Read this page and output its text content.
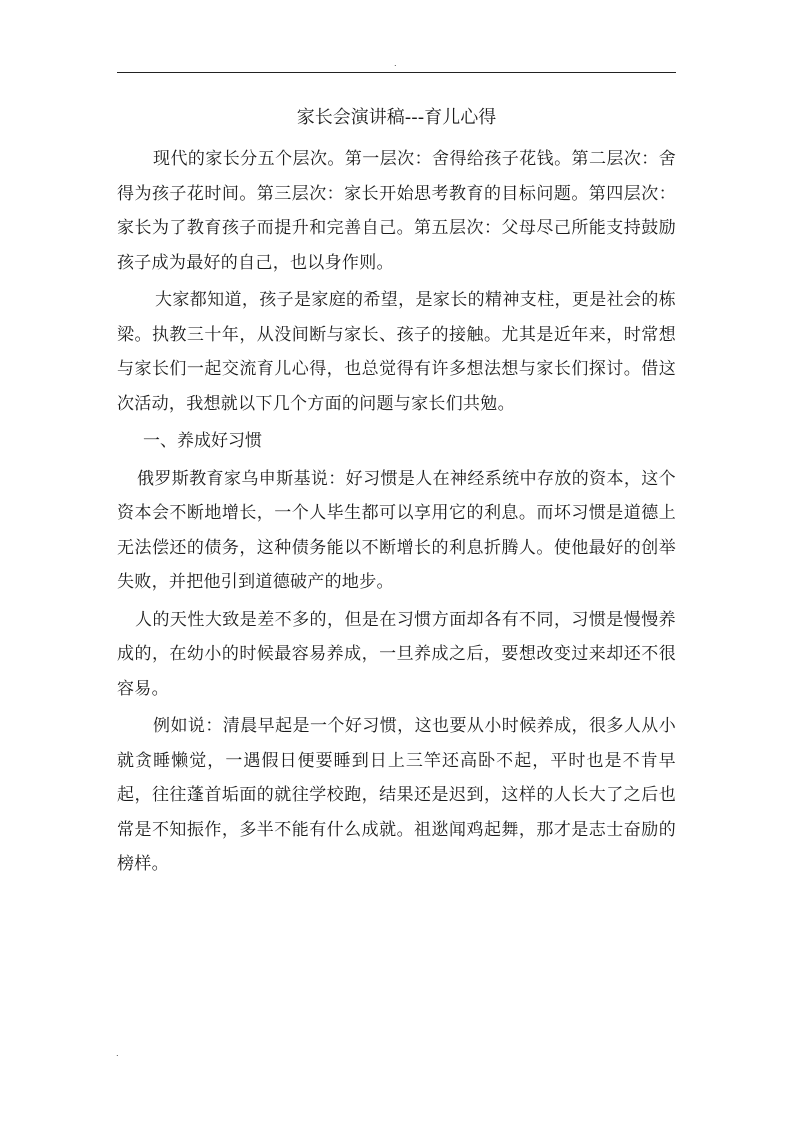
.
家长会演讲稿---育儿心得

现代的家长分五个层次。第一层次：舍得给孩子花钱。第二层次：舍得为孩子花时间。第三层次：家长开始思考教育的目标问题。第四层次：家长为了教育孩子而提升和完善自己。第五层次：父母尽己所能支持鼓励孩子成为最好的自己，也以身作则。

大家都知道，孩子是家庭的希望，是家长的精神支柱，更是社会的栋梁。执教三十年，从没间断与家长、孩子的接触。尤其是近年来，时常想与家长们一起交流育儿心得，也总觉得有许多想法想与家长们探讨。借这次活动，我想就以下几个方面的问题与家长们共勉。

一、养成好习惯

俄罗斯教育家乌申斯基说：好习惯是人在神经系统中存放的资本，这个资本会不断地增长，一个人毕生都可以享用它的利息。而坏习惯是道德上无法偿还的债务，这种债务能以不断增长的利息折腾人。使他最好的创举失败，并把他引到道德破产的地步。

人的天性大致是差不多的，但是在习惯方面却各有不同，习惯是慢慢养成的，在幼小的时候最容易养成，一旦养成之后，要想改变过来却还不很容易。

例如说：清晨早起是一个好习惯，这也要从小时候养成，很多人从小就贪睡懒觉，一遇假日便要睡到日上三竿还高卧不起，平时也是不肯早起，往往蓬首垢面的就往学校跑，结果还是迟到，这样的人长大了之后也常是不知振作，多半不能有什么成就。祖逖闻鸡起舞，那才是志士奋励的榜样。

.
